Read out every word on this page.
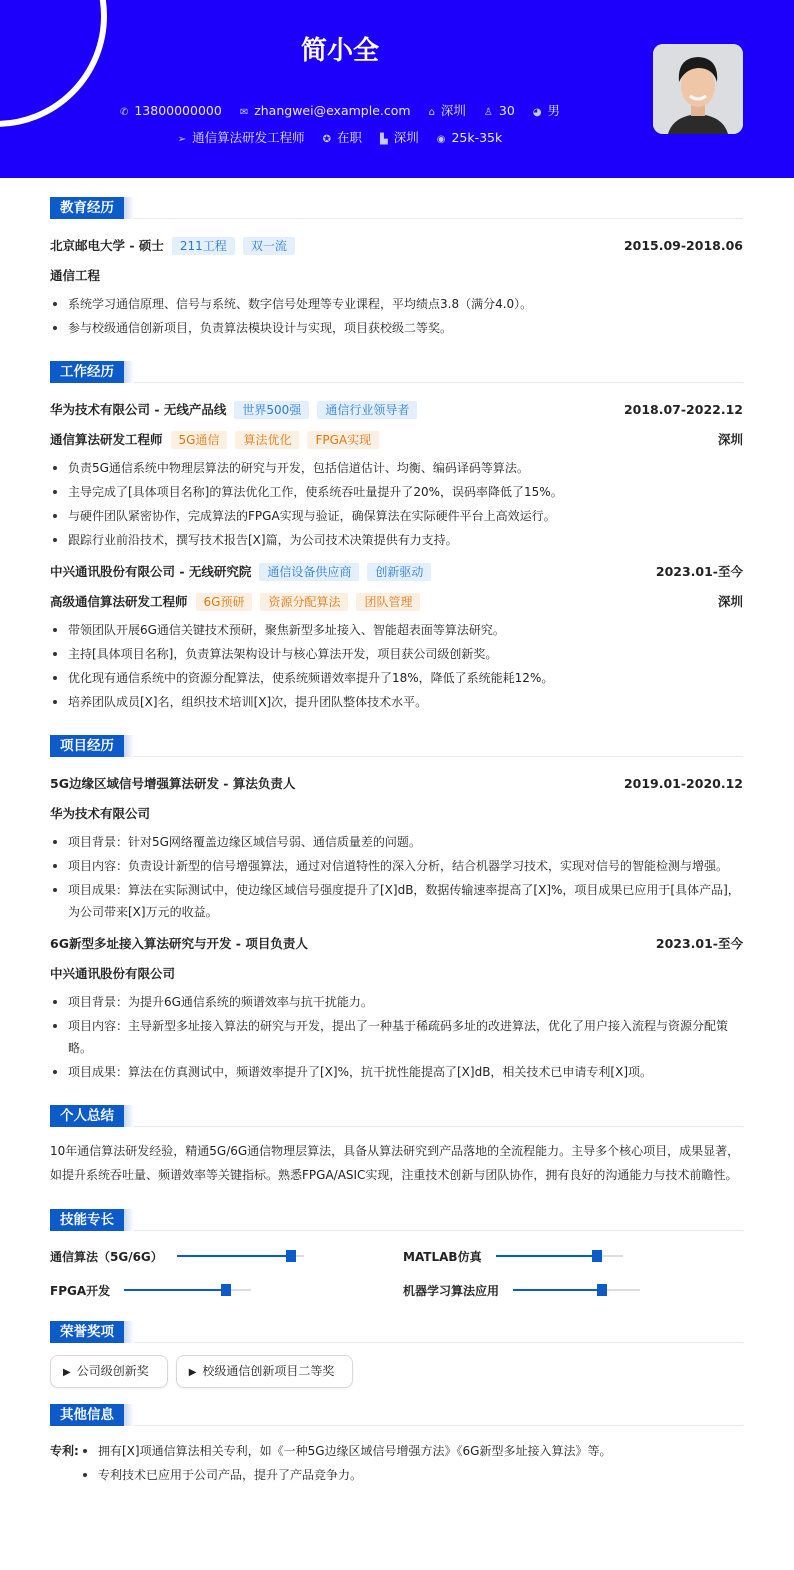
简小全
✆ 13800000000 ✉ zhangwei@example.com ⌂ 深圳 ♙ 30 ◕ 男
➢ 通信算法研发工程师 ✪ 在职 ▙ 深圳 ◉ 25k-35k
教育经历
北京邮电大学 - 硕士	211工程	双一流	2015.09-2018.06
通信工程
系统学习通信原理、信号与系统、数字信号处理等专业课程，平均绩点3.8（满分4.0）。
参与校级通信创新项目，负责算法模块设计与实现，项目获校级二等奖。
工作经历
华为技术有限公司 - 无线产品线	世界500强	通信行业领导者	2018.07-2022.12
通信算法研发工程师	5G通信	算法优化	FPGA实现	深圳
负责5G通信系统中物理层算法的研究与开发，包括信道估计、均衡、编码译码等算法。
主导完成了[具体项目名称]的算法优化工作，使系统吞吐量提升了20%，误码率降低了15%。
与硬件团队紧密协作，完成算法的FPGA实现与验证，确保算法在实际硬件平台上高效运行。
跟踪行业前沿技术，撰写技术报告[X]篇，为公司技术决策提供有力支持。
中兴通讯股份有限公司 - 无线研究院	通信设备供应商	创新驱动	2023.01-至今
高级通信算法研发工程师	6G预研	资源分配算法	团队管理	深圳
带领团队开展6G通信关键技术预研，聚焦新型多址接入、智能超表面等算法研究。
主持[具体项目名称]，负责算法架构设计与核心算法开发，项目获公司级创新奖。
优化现有通信系统中的资源分配算法，使系统频谱效率提升了18%，降低了系统能耗12%。
培养团队成员[X]名，组织技术培训[X]次，提升团队整体技术水平。
项目经历
5G边缘区域信号增强算法研发 - 算法负责人	2019.01-2020.12
华为技术有限公司
项目背景：针对5G网络覆盖边缘区域信号弱、通信质量差的问题。
项目内容：负责设计新型的信号增强算法，通过对信道特性的深入分析，结合机器学习技术，实现对信号的智能检测与增强。
项目成果：算法在实际测试中，使边缘区域信号强度提升了[X]dB，数据传输速率提高了[X]%，项目成果已应用于[具体产品]，为公司带来[X]万元的收益。
6G新型多址接入算法研究与开发 - 项目负责人	2023.01-至今
中兴通讯股份有限公司
项目背景：为提升6G通信系统的频谱效率与抗干扰能力。
项目内容：主导新型多址接入算法的研究与开发，提出了一种基于稀疏码多址的改进算法，优化了用户接入流程与资源分配策略。
项目成果：算法在仿真测试中，频谱效率提升了[X]%，抗干扰性能提高了[X]dB，相关技术已申请专利[X]项。
个人总结
10年通信算法研发经验，精通5G/6G通信物理层算法，具备从算法研究到产品落地的全流程能力。主导多个核心项目，成果显著，如提升系统吞吐量、频谱效率等关键指标。熟悉FPGA/ASIC实现，注重技术创新与团队协作，拥有良好的沟通能力与技术前瞻性。
技能专长
通信算法（5G/6G）	MATLAB仿真
FPGA开发	机器学习算法应用
荣誉奖项
▶ 公司级创新奖	▶ 校级通信创新项目二等奖
其他信息
专利:	拥有[X]项通信算法相关专利，如《一种5G边缘区域信号增强方法》《6G新型多址接入算法》等。
专利技术已应用于公司产品，提升了产品竞争力。
